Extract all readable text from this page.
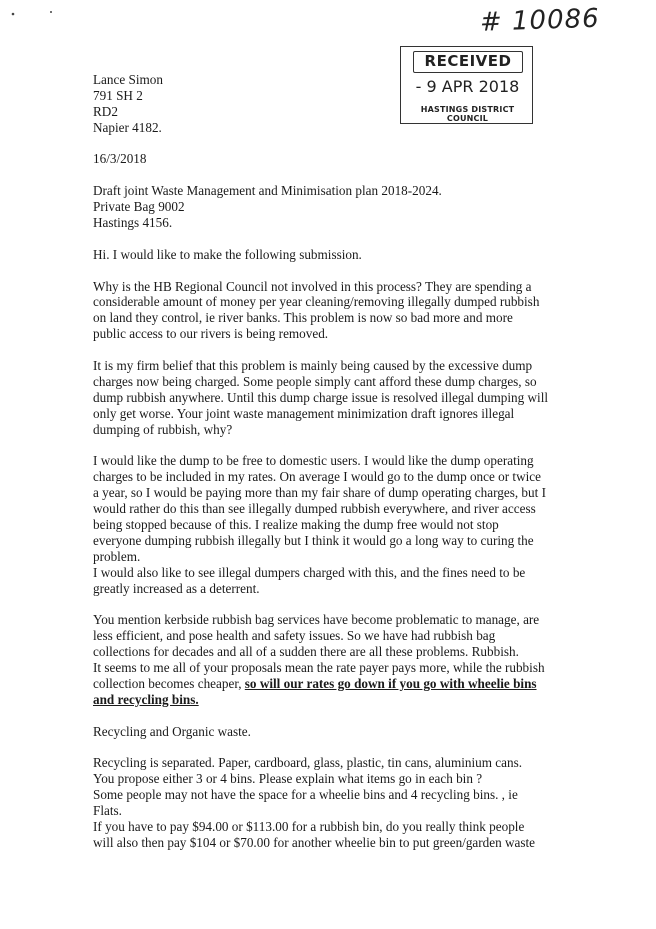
# 10086
RECEIVED
- 9 APR 2018
HASTINGS DISTRICT COUNCIL
Lance Simon
791 SH 2
RD2
Napier 4182.
16/3/2018
Draft joint Waste Management and Minimisation plan 2018-2024.
Private Bag 9002
Hastings 4156.
Hi. I would like to make the following submission.
Why is the HB Regional Council not involved in this process? They are spending a
considerable amount of money per year cleaning/removing illegally dumped rubbish
on land they control, ie river banks. This problem is now so bad more and more
public access to our rivers is being removed.
It is my firm belief that this problem is mainly being caused by the excessive dump
charges now being charged. Some people simply cant afford these dump charges, so
dump rubbish anywhere. Until this dump charge issue is resolved illegal dumping will
only get worse. Your joint waste management minimization draft ignores illegal
dumping of rubbish, why?
I would like the dump to be free to domestic users. I would like the dump operating
charges to be included in my rates. On average I would go to the dump once or twice
a year, so I would be paying more than my fair share of dump operating charges, but I
would rather do this than see illegally dumped rubbish everywhere, and river access
being stopped because of this. I realize making the dump free would not stop
everyone dumping rubbish illegally but I think it would go a long way to curing the
problem.
I would also like to see illegal dumpers charged with this, and the fines need to be
greatly increased as a deterrent.
You mention kerbside rubbish bag services have become problematic to manage, are
less efficient, and pose health and safety issues. So we have had rubbish bag
collections for decades and all of a sudden there are all these problems. Rubbish.
It seems to me all of your proposals mean the rate payer pays more, while the rubbish
collection becomes cheaper, so will our rates go down if you go with wheelie bins
and recycling bins.
Recycling and Organic waste.
Recycling is separated. Paper, cardboard, glass, plastic, tin cans, aluminium cans.
You propose either 3 or 4 bins. Please explain what items go in each bin ?
Some people may not have the space for a wheelie bins and 4 recycling bins. , ie
Flats.
If you have to pay $94.00 or $113.00 for a rubbish bin, do you really think people
will also then pay $104 or $70.00 for another wheelie bin to put green/garden waste
